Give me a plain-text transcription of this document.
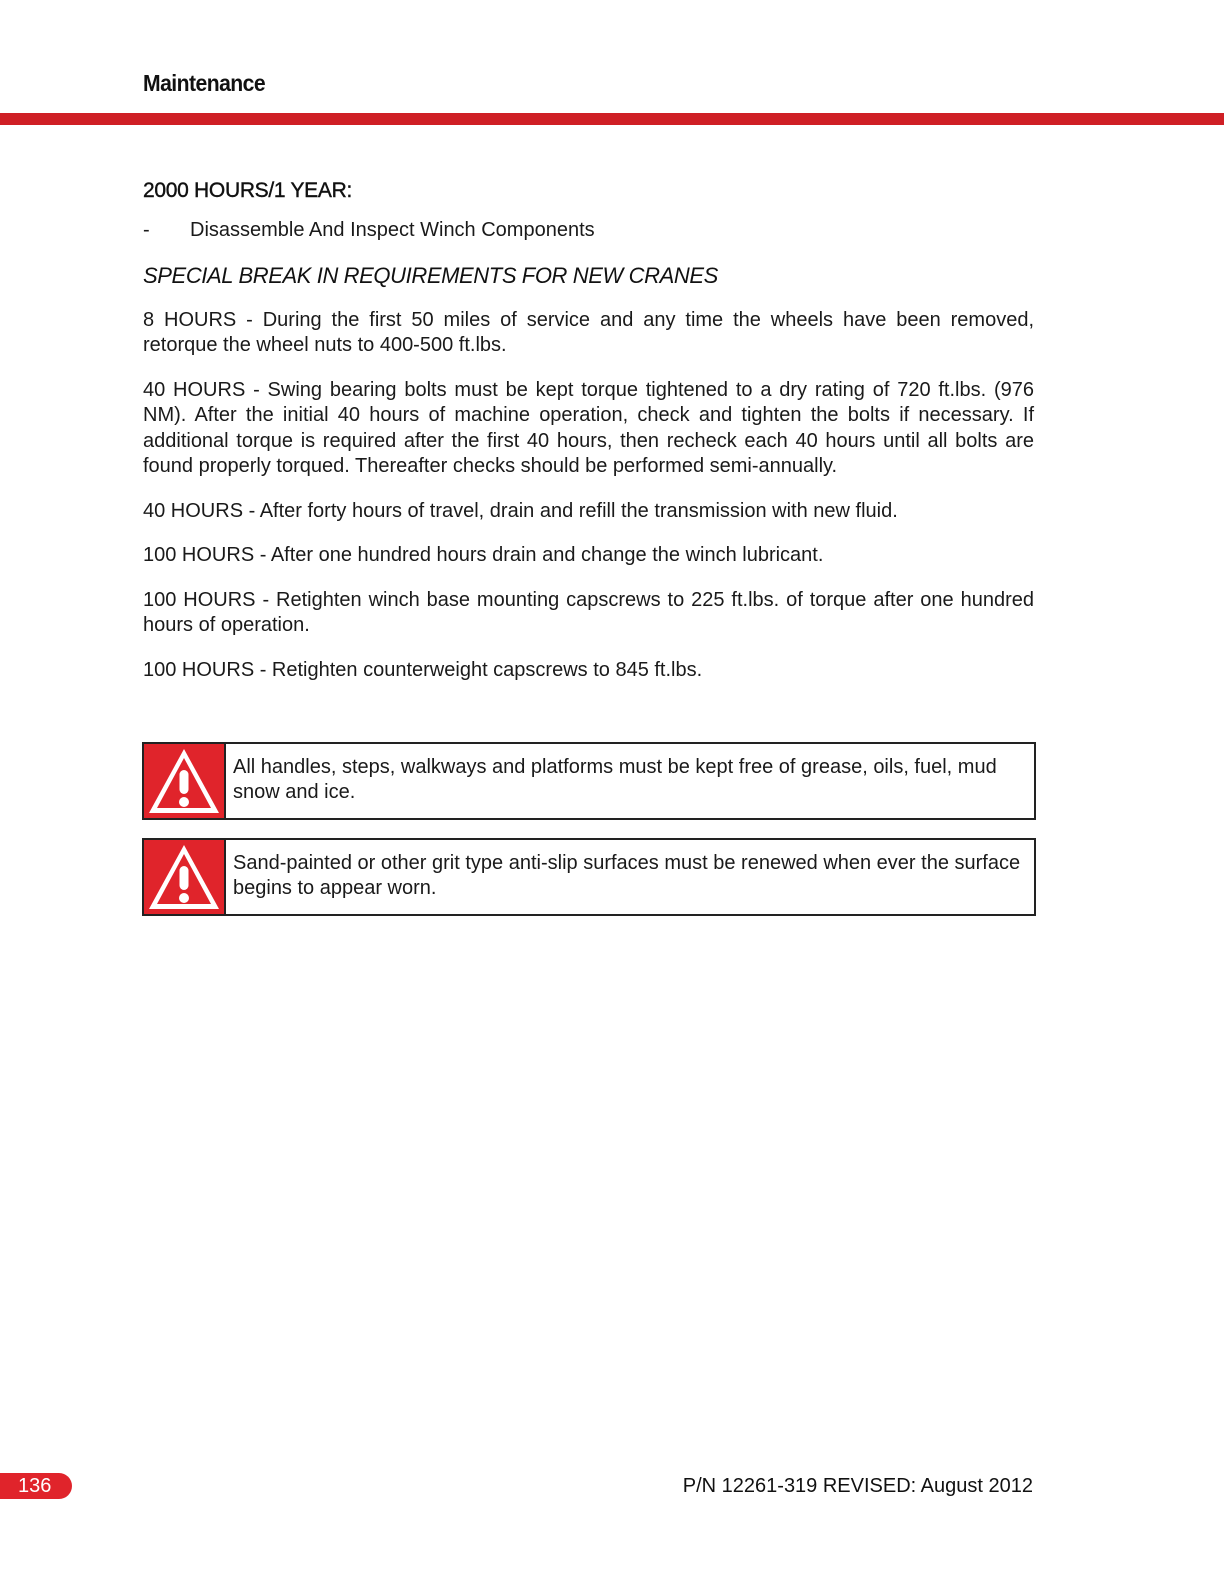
Maintenance
2000 HOURS/1 YEAR:
-	Disassemble And Inspect Winch Components
SPECIAL BREAK IN REQUIREMENTS FOR NEW CRANES

8 HOURS - During the first 50 miles of service and any time the wheels have been removed, retorque the wheel nuts to 400-500 ft.lbs.

40 HOURS - Swing bearing bolts must be kept torque tightened to a dry rating of 720 ft.lbs. (976 NM). After the initial 40 hours of machine operation, check and tighten the bolts if necessary. If additional torque is required after the first 40 hours, then recheck each 40 hours until all bolts are found properly torqued. Thereafter checks should be performed semi-annually.

40 HOURS - After forty hours of travel, drain and refill the transmission with new fluid.

100 HOURS - After one hundred hours drain and change the winch lubricant.

100 HOURS - Retighten winch base mounting capscrews to 225 ft.lbs. of torque after one hundred hours of operation.

100 HOURS - Retighten counterweight capscrews to 845 ft.lbs.

All handles, steps, walkways and platforms must be kept free of grease, oils, fuel, mud snow and ice.
Sand-painted or other grit type anti-slip surfaces must be renewed when ever the surface begins to appear worn.
136	P/N 12261-319 REVISED: August 2012
